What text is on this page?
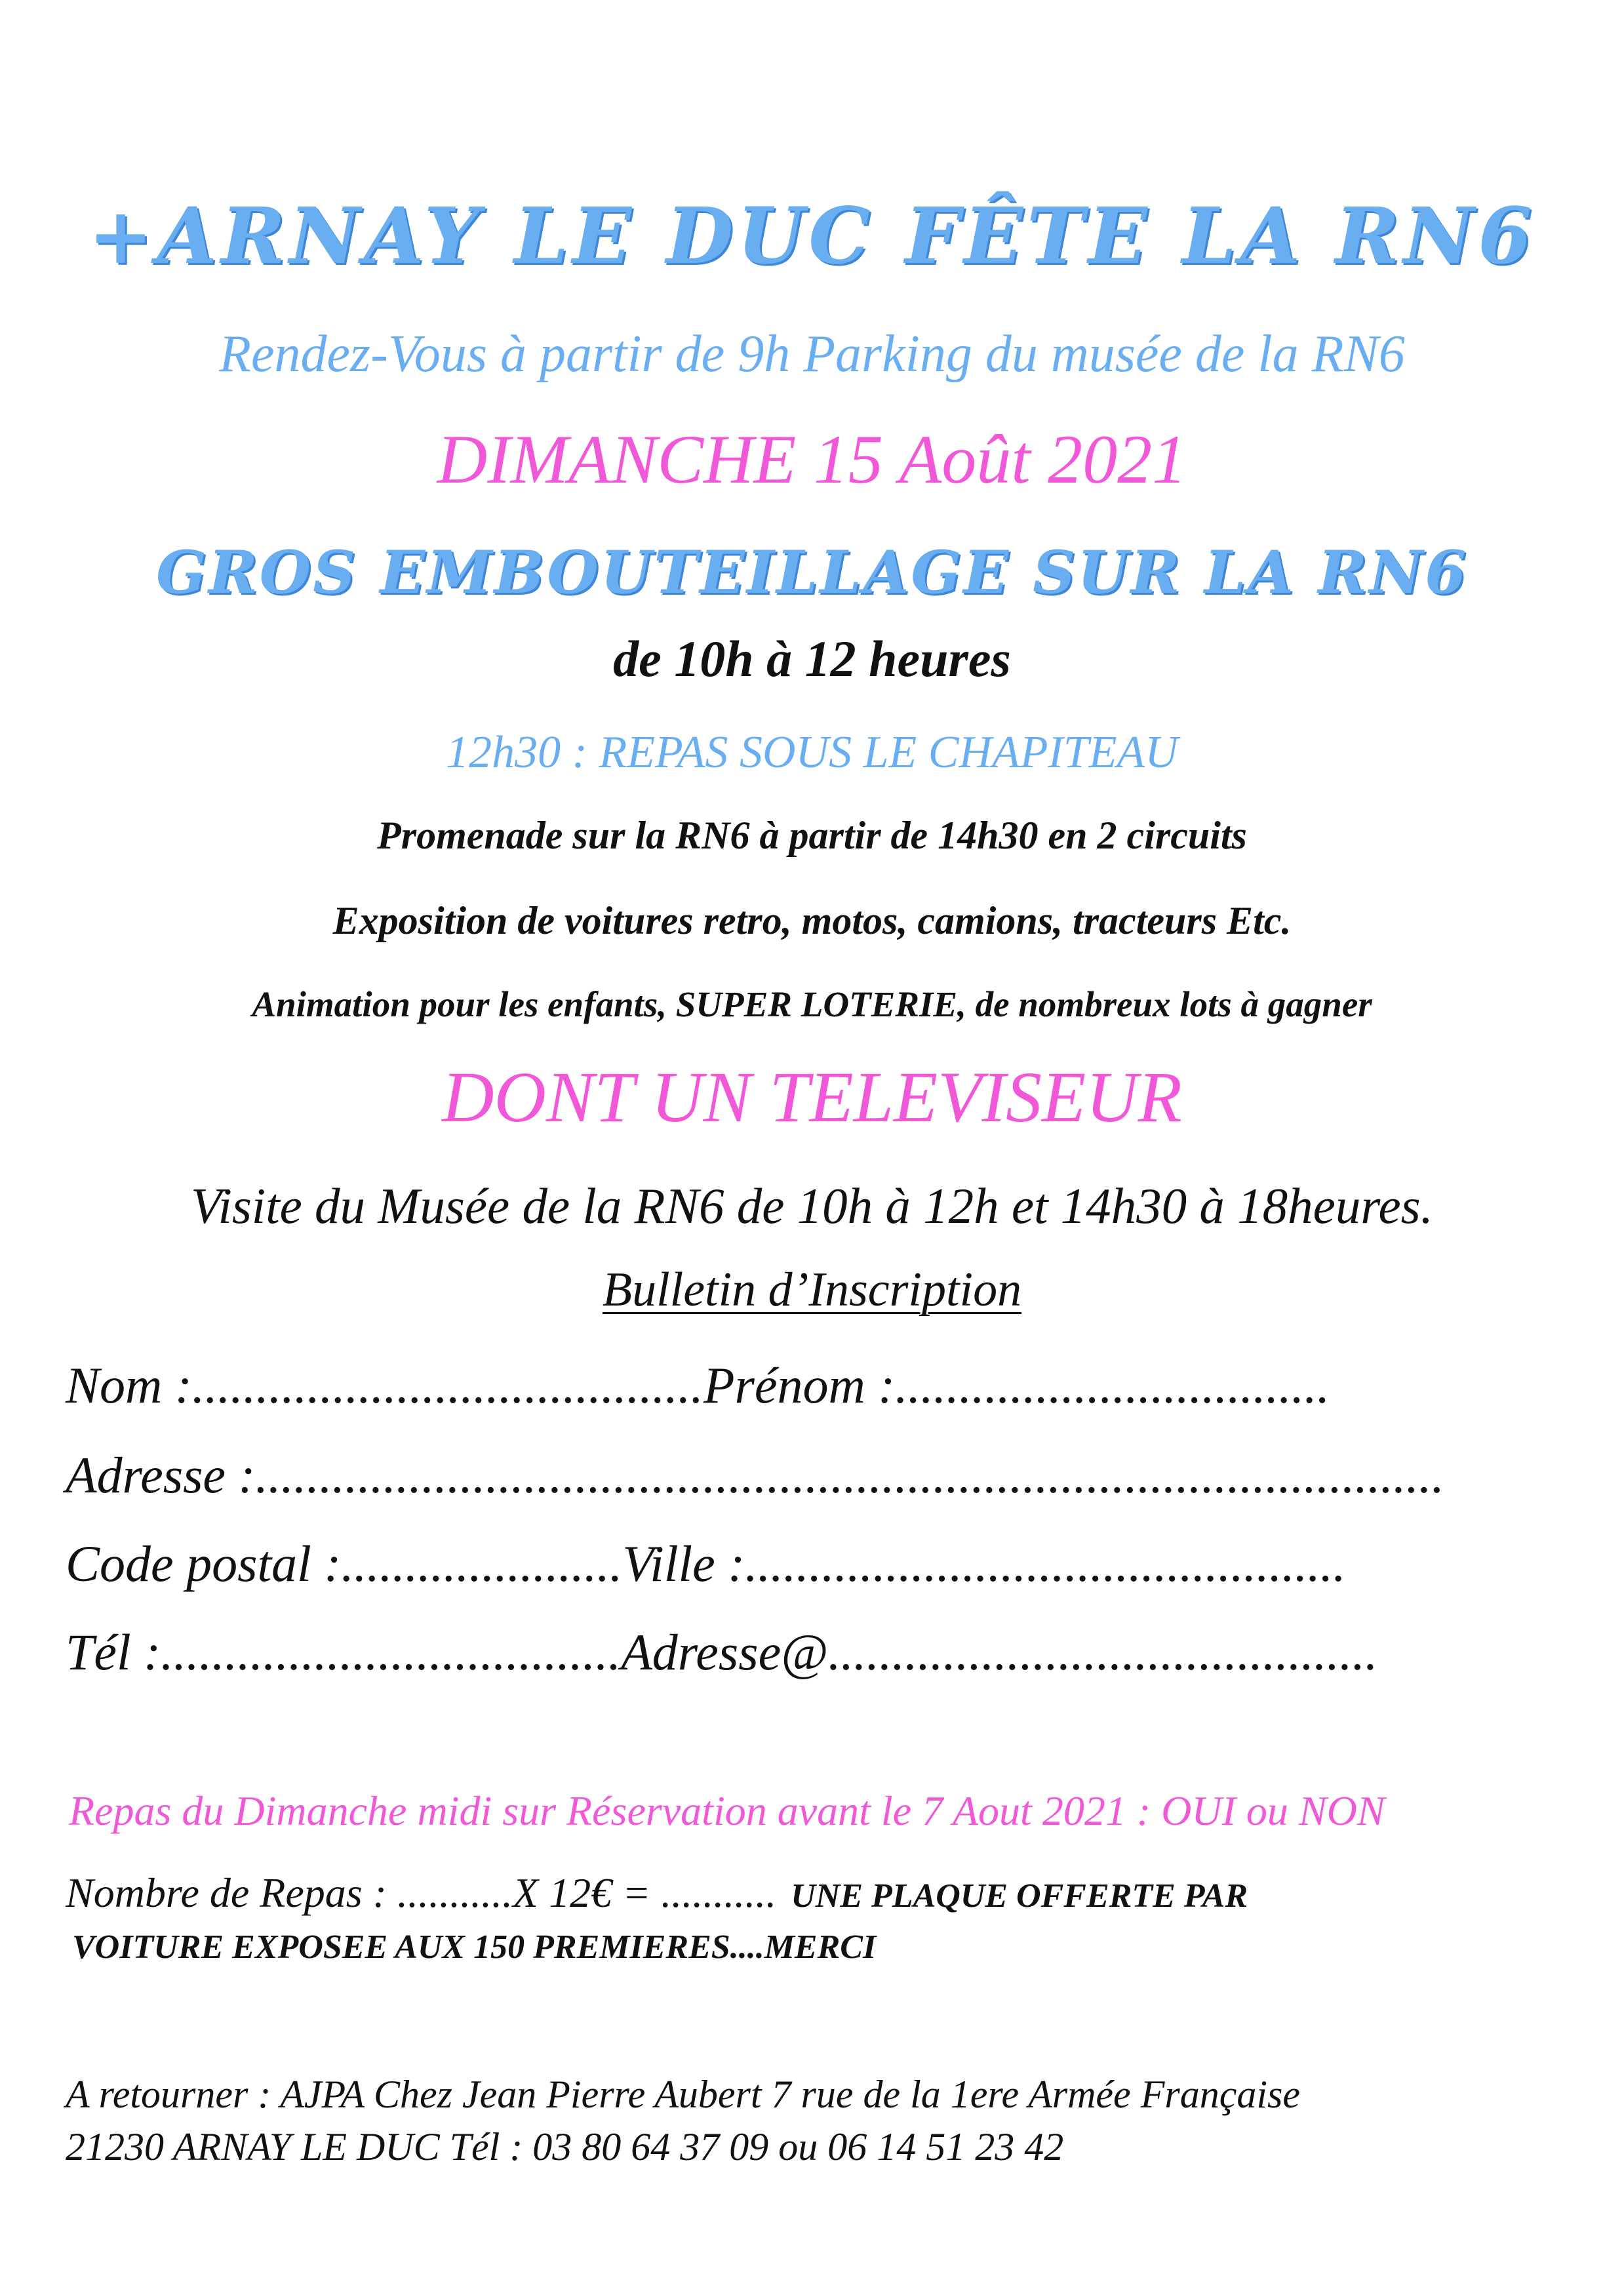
+ARNAY LE DUC FÊTE LA RN6
Rendez-Vous à partir de 9h Parking du musée de la RN6
DIMANCHE 15 Août 2021
GROS EMBOUTEILLAGE SUR LA RN6
de 10h à 12 heures
12h30 : REPAS SOUS LE CHAPITEAU
Promenade sur la RN6 à partir de 14h30 en 2 circuits
Exposition de voitures retro, motos, camions, tracteurs Etc.
Animation pour les enfants, SUPER LOTERIE, de nombreux lots à gagner
DONT UN TELEVISEUR
Visite du Musée de la RN6 de 10h à 12h et 14h30 à 18heures.
Bulletin d’Inscription
Nom :........................................Prénom :..................................
Adresse :.............................................................................................
Code postal :......................Ville :...............................................
Tél :....................................Adresse@...........................................
Repas du Dimanche midi sur Réservation avant le 7 Aout 2021 : OUI ou NON
Nombre de Repas : ...........X 12€ = ........... UNE PLAQUE OFFERTE PAR
VOITURE EXPOSEE AUX 150 PREMIERES....MERCI
A retourner : AJPA Chez Jean Pierre Aubert 7 rue de la 1ere Armée Française
21230 ARNAY LE DUC Tél : 03 80 64 37 09 ou 06 14 51 23 42
